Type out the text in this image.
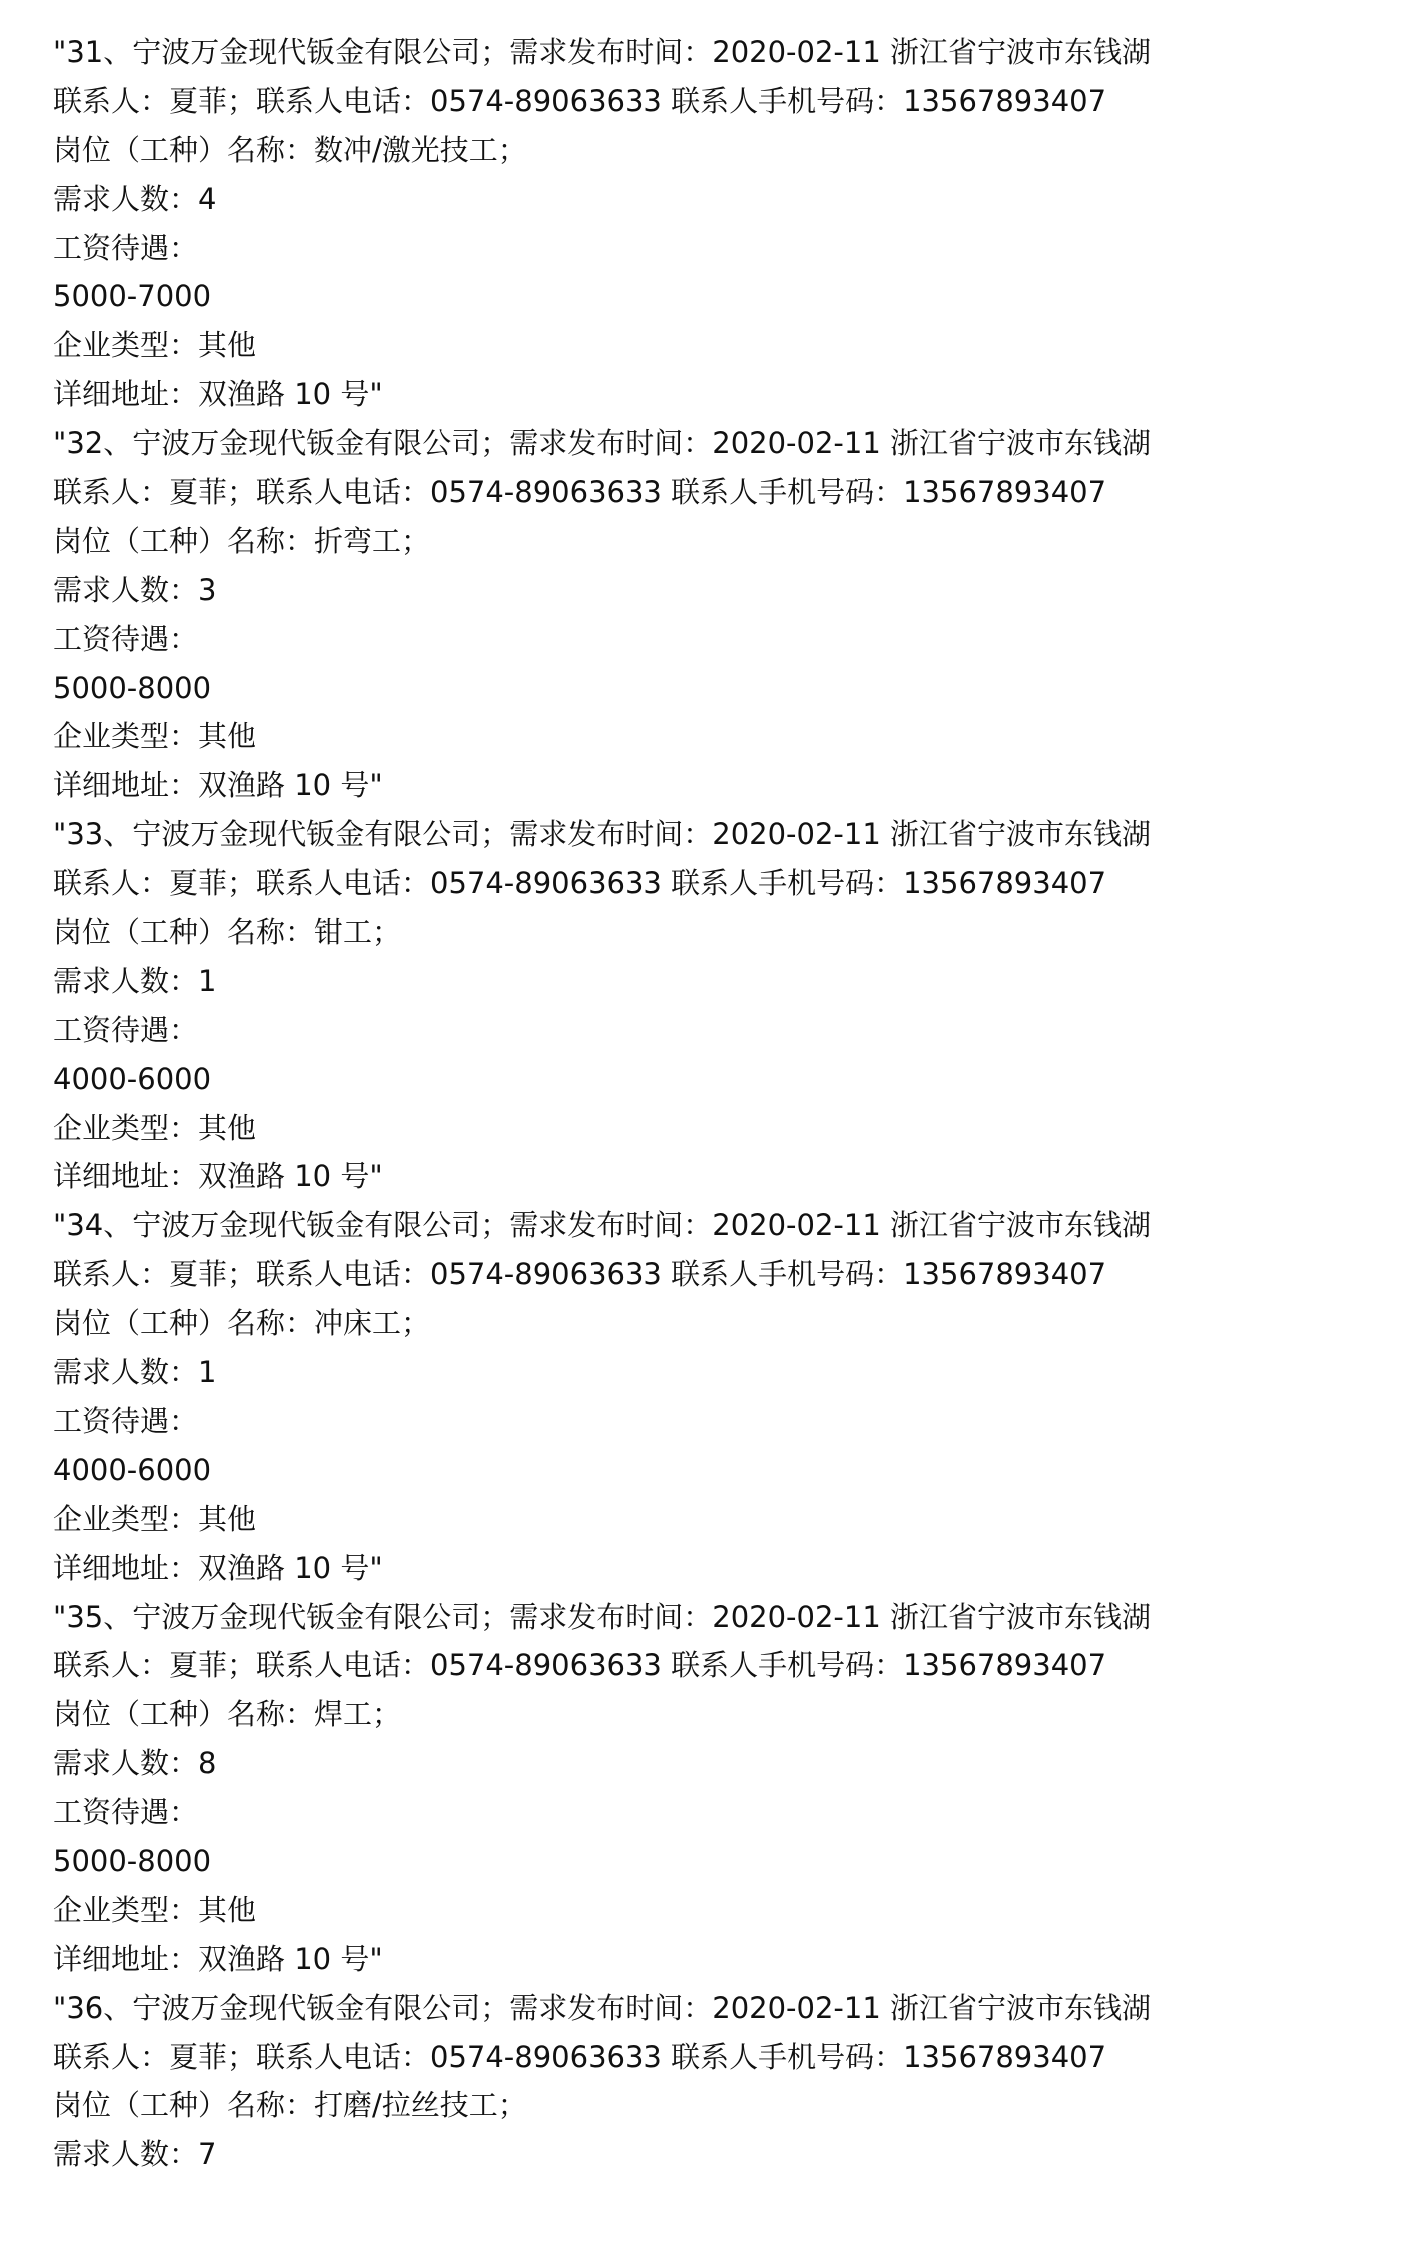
"31、宁波万金现代钣金有限公司；需求发布时间：2020-02-11 浙江省宁波市东钱湖
联系人：夏菲；联系人电话：0574-89063633 联系人手机号码：13567893407
岗位（工种）名称：数冲/激光技工；
需求人数：4
工资待遇：
5000-7000
企业类型：其他
详细地址：双渔路 10 号"
"32、宁波万金现代钣金有限公司；需求发布时间：2020-02-11 浙江省宁波市东钱湖
联系人：夏菲；联系人电话：0574-89063633 联系人手机号码：13567893407
岗位（工种）名称：折弯工；
需求人数：3
工资待遇：
5000-8000
企业类型：其他
详细地址：双渔路 10 号"
"33、宁波万金现代钣金有限公司；需求发布时间：2020-02-11 浙江省宁波市东钱湖
联系人：夏菲；联系人电话：0574-89063633 联系人手机号码：13567893407
岗位（工种）名称：钳工；
需求人数：1
工资待遇：
4000-6000
企业类型：其他
详细地址：双渔路 10 号"
"34、宁波万金现代钣金有限公司；需求发布时间：2020-02-11 浙江省宁波市东钱湖
联系人：夏菲；联系人电话：0574-89063633 联系人手机号码：13567893407
岗位（工种）名称：冲床工；
需求人数：1
工资待遇：
4000-6000
企业类型：其他
详细地址：双渔路 10 号"
"35、宁波万金现代钣金有限公司；需求发布时间：2020-02-11 浙江省宁波市东钱湖
联系人：夏菲；联系人电话：0574-89063633 联系人手机号码：13567893407
岗位（工种）名称：焊工；
需求人数：8
工资待遇：
5000-8000
企业类型：其他
详细地址：双渔路 10 号"
"36、宁波万金现代钣金有限公司；需求发布时间：2020-02-11 浙江省宁波市东钱湖
联系人：夏菲；联系人电话：0574-89063633 联系人手机号码：13567893407
岗位（工种）名称：打磨/拉丝技工；
需求人数：7
